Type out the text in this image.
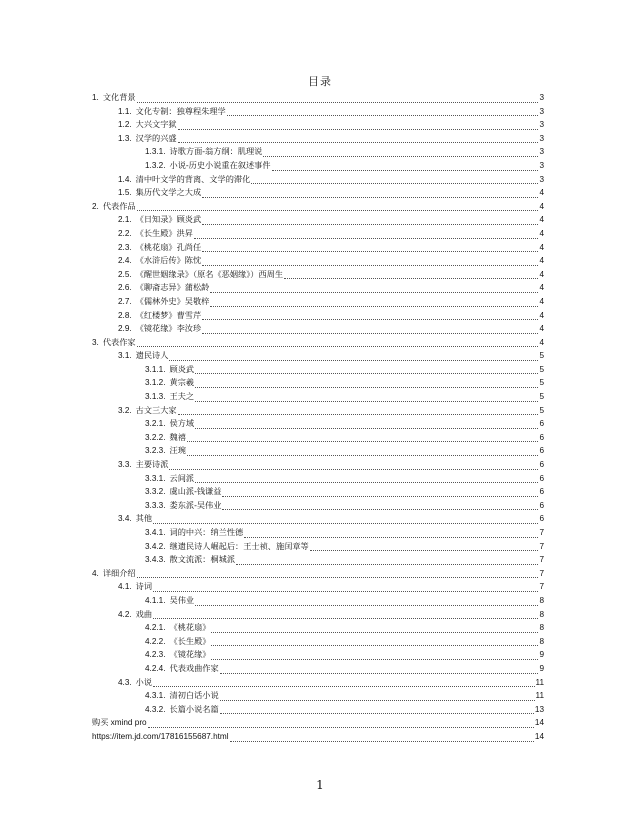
目录
1. 文化背景	3
1.1. 文化专制：独尊程朱理学	3
1.2. 大兴文字狱	3
1.3. 汉学的兴盛	3
1.3.1. 诗歌方面-翁方纲：肌理说	3
1.3.2. 小说-历史小说重在叙述事件	3
1.4. 清中叶文学的背离、文学的滞化	3
1.5. 集历代文学之大成	4
2. 代表作品	4
2.1. 《日知录》顾炎武	4
2.2. 《长生殿》洪昇	4
2.3. 《桃花扇》孔尚任	4
2.4. 《水浒后传》陈忱	4
2.5. 《醒世姻缘录》（原名《恶姻缘》）西周生	4
2.6. 《聊斋志异》蒲松龄	4
2.7. 《儒林外史》吴敬梓	4
2.8. 《红楼梦》曹雪芹	4
2.9. 《镜花缘》李汝珍	4
3. 代表作家	4
3.1. 遗民诗人	5
3.1.1. 顾炎武	5
3.1.2. 黄宗羲	5
3.1.3. 王夫之	5
3.2. 古文三大家	5
3.2.1. 侯方域	6
3.2.2. 魏禧	6
3.2.3. 汪琬	6
3.3. 主要诗派	6
3.3.1. 云间派	6
3.3.2. 虞山派-钱谦益	6
3.3.3. 娄东派-吴伟业	6
3.4. 其他	6
3.4.1. 词的中兴：纳兰性德	7
3.4.2. 继遗民诗人崛起后：王士祯、施闰章等	7
3.4.3. 散文流派：桐城派	7
4. 详细介绍	7
4.1. 诗词	7
4.1.1. 吴伟业	8
4.2. 戏曲	8
4.2.1. 《桃花扇》	8
4.2.2. 《长生殿》	8
4.2.3. 《镜花缘》	9
4.2.4. 代表戏曲作家	9
4.3. 小说	11
4.3.1. 清初白话小说	11
4.3.2. 长篇小说名篇	13
购买 xmind pro	14
https://item.jd.com/17816155687.html	14
1
